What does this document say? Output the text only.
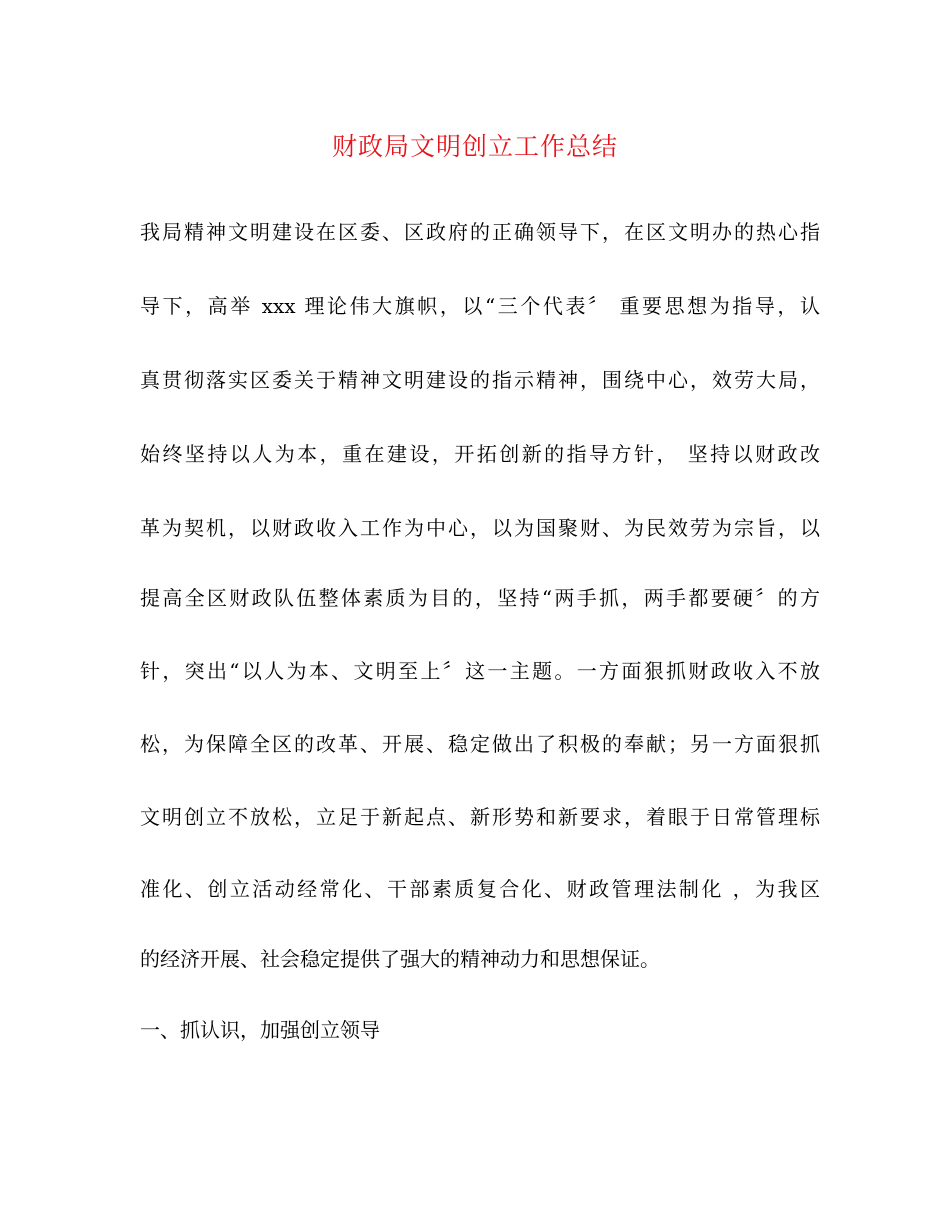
财政局文明创立工作总结

我局精神文明建设在区委、区政府的正确领导下，在区文明办的热心指

导下，高举 xxx 理论伟大旗帜，以“三个代表〞 重要思想为指导，认

真贯彻落实区委关于精神文明建设的指示精神，围绕中心，效劳大局，

始终坚持以人为本，重在建设，开拓创新的指导方针， 坚持以财政改

革为契机，以财政收入工作为中心，以为国聚财、为民效劳为宗旨，以

提高全区财政队伍整体素质为目的，坚持“两手抓，两手都要硬〞的方

针，突出“以人为本、文明至上〞这一主题。一方面狠抓财政收入不放

松，为保障全区的改革、开展、稳定做出了积极的奉献；另一方面狠抓

文明创立不放松，立足于新起点、新形势和新要求，着眼于日常管理标

准化、创立活动经常化、干部素质复合化、财政管理法制化 ，为我区

的经济开展、社会稳定提供了强大的精神动力和思想保证。

一、抓认识，加强创立领导
